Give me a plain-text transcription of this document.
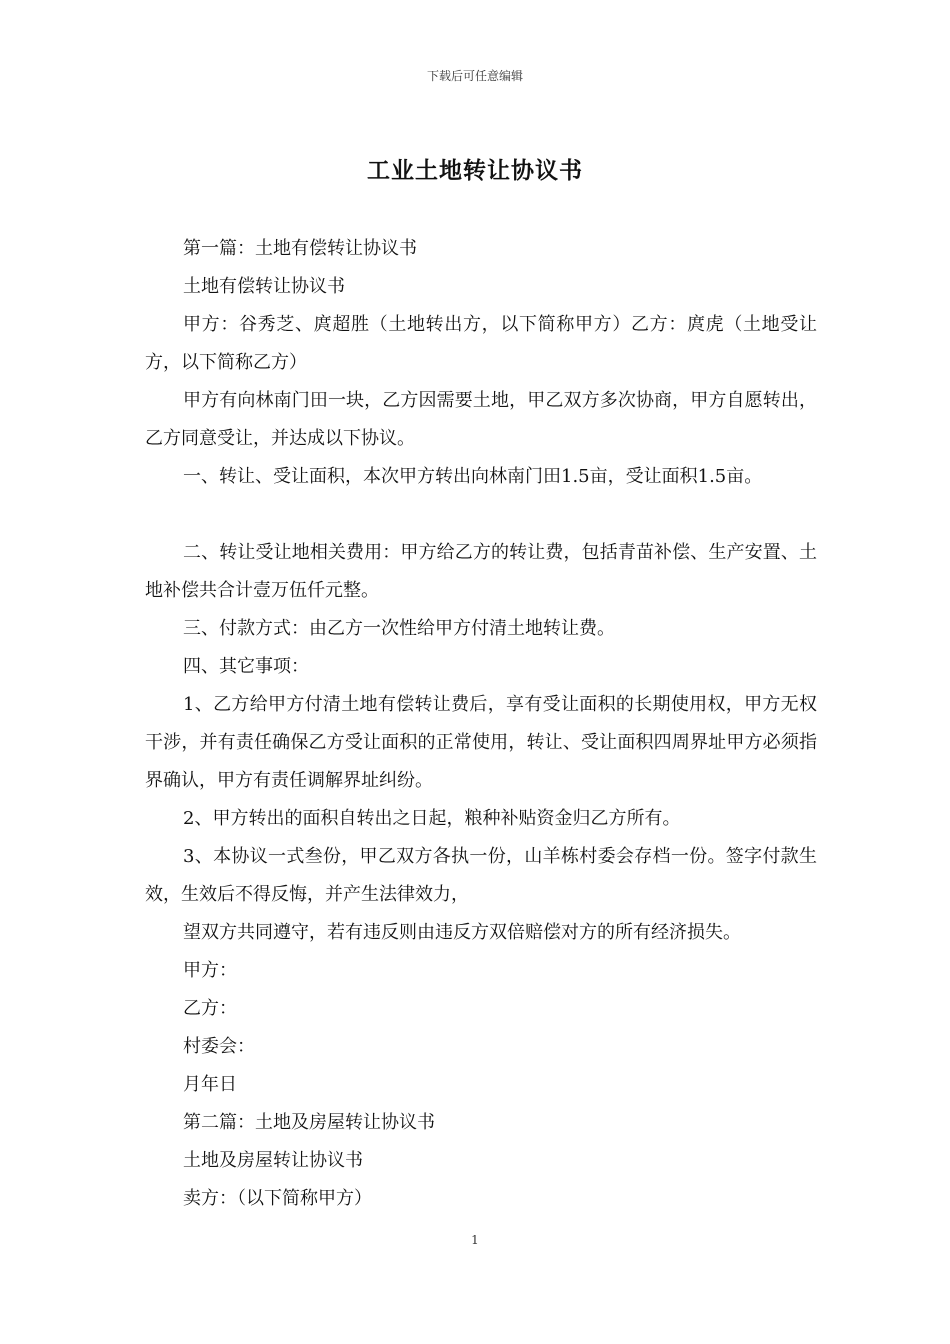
下载后可任意编辑
工业土地转让协议书

第一篇：土地有偿转让协议书

土地有偿转让协议书

甲方：谷秀芝、庹超胜（土地转出方，以下简称甲方）乙方：庹虎（土地受让方，以下简称乙方）

甲方有向林南门田一块，乙方因需要土地，甲乙双方多次协商，甲方自愿转出，乙方同意受让，并达成以下协议。

一、转让、受让面积，本次甲方转出向林南门田1.5亩，受让面积1.5亩。

二、转让受让地相关费用：甲方给乙方的转让费，包括青苗补偿、生产安置、土地补偿共合计壹万伍仟元整。

三、付款方式：由乙方一次性给甲方付清土地转让费。

四、其它事项：

1、乙方给甲方付清土地有偿转让费后，享有受让面积的长期使用权，甲方无权干涉，并有责任确保乙方受让面积的正常使用，转让、受让面积四周界址甲方必须指界确认，甲方有责任调解界址纠纷。

2、甲方转出的面积自转出之日起，粮种补贴资金归乙方所有。

3、本协议一式叁份，甲乙双方各执一份，山羊栋村委会存档一份。签字付款生效，生效后不得反悔，并产生法律效力，

望双方共同遵守，若有违反则由违反方双倍赔偿对方的所有经济损失。

甲方：

乙方：

村委会：

月年日

第二篇：土地及房屋转让协议书

土地及房屋转让协议书

卖方：（以下简称甲方）

1
